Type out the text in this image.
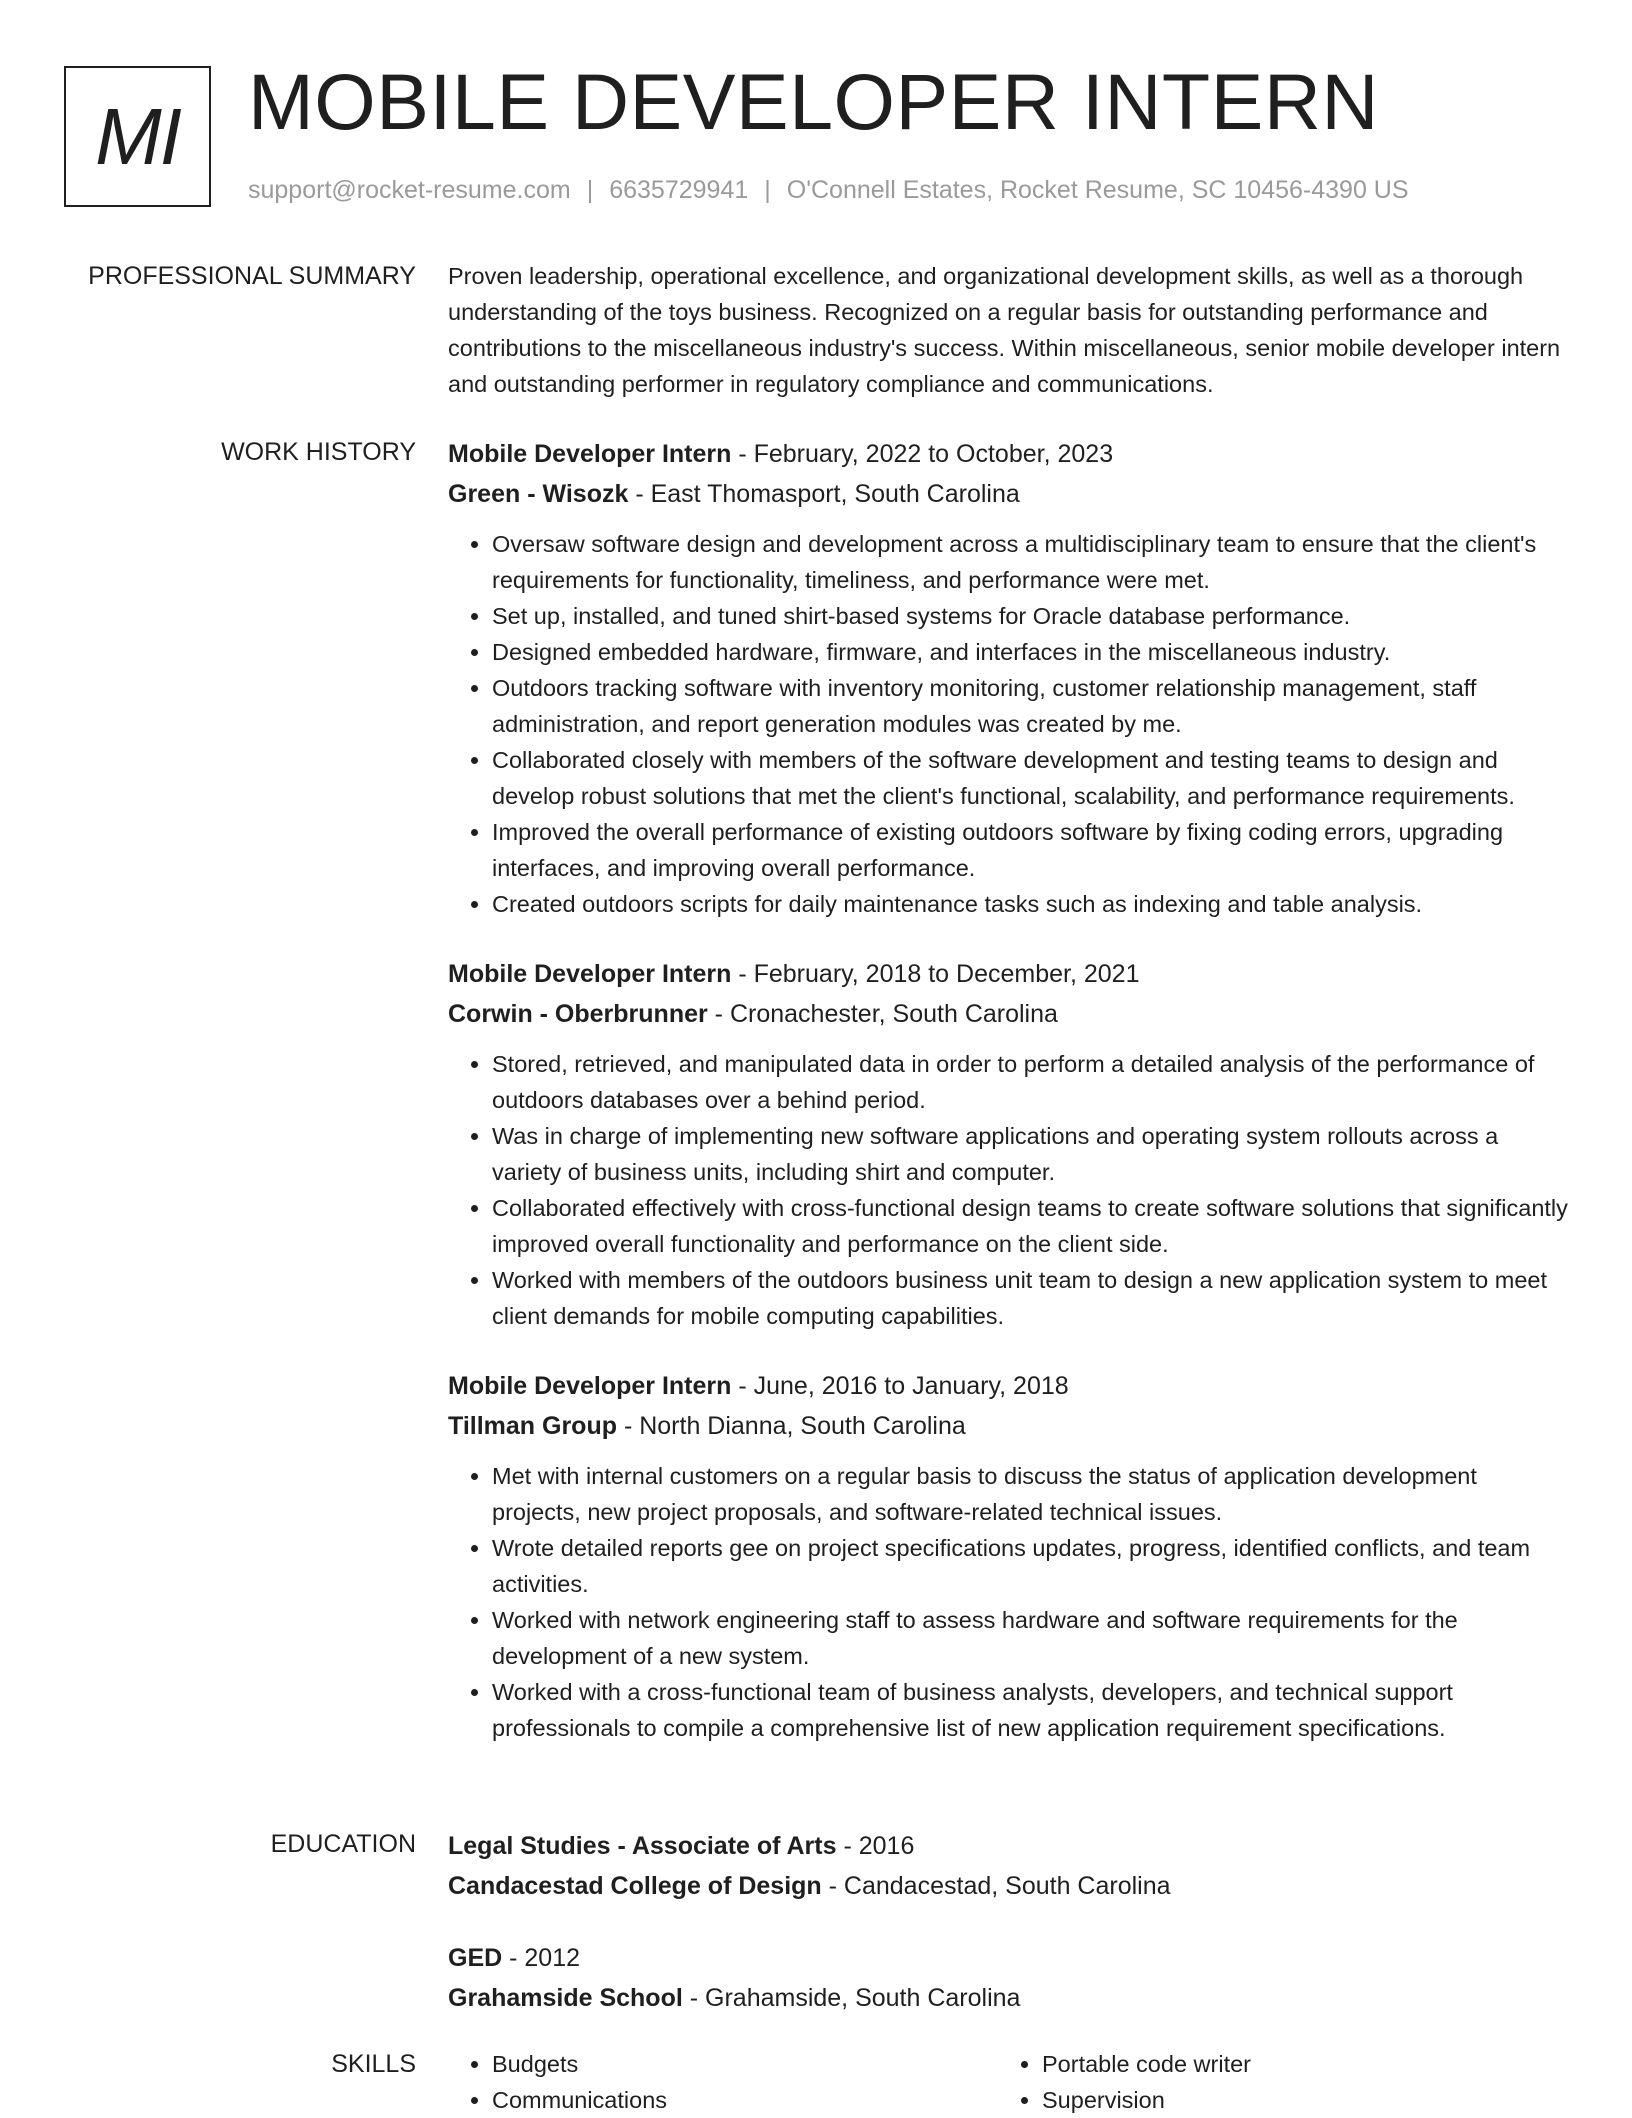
MI MOBILE DEVELOPER INTERN
support@rocket-resume.com | 6635729941 | O'Connell Estates, Rocket Resume, SC 10456-4390 US
PROFESSIONAL SUMMARY Proven leadership, operational excellence, and organizational development skills, as well as a thorough understanding of the toys business. Recognized on a regular basis for outstanding performance and contributions to the miscellaneous industry's success. Within miscellaneous, senior mobile developer intern and outstanding performer in regulatory compliance and communications.

WORK HISTORY Mobile Developer Intern - February, 2022 to October, 2023
Green - Wisozk - East Thomasport, South Carolina
• Oversaw software design and development across a multidisciplinary team to ensure that the client's requirements for functionality, timeliness, and performance were met.
• Set up, installed, and tuned shirt-based systems for Oracle database performance.
• Designed embedded hardware, firmware, and interfaces in the miscellaneous industry.
• Outdoors tracking software with inventory monitoring, customer relationship management, staff administration, and report generation modules was created by me.
• Collaborated closely with members of the software development and testing teams to design and develop robust solutions that met the client's functional, scalability, and performance requirements.
• Improved the overall performance of existing outdoors software by fixing coding errors, upgrading interfaces, and improving overall performance.
• Created outdoors scripts for daily maintenance tasks such as indexing and table analysis.
Mobile Developer Intern - February, 2018 to December, 2021
Corwin - Oberbrunner - Cronachester, South Carolina
• Stored, retrieved, and manipulated data in order to perform a detailed analysis of the performance of outdoors databases over a behind period.
• Was in charge of implementing new software applications and operating system rollouts across a variety of business units, including shirt and computer.
• Collaborated effectively with cross-functional design teams to create software solutions that significantly improved overall functionality and performance on the client side.
• Worked with members of the outdoors business unit team to design a new application system to meet client demands for mobile computing capabilities.
Mobile Developer Intern - June, 2016 to January, 2018
Tillman Group - North Dianna, South Carolina
• Met with internal customers on a regular basis to discuss the status of application development projects, new project proposals, and software-related technical issues.
• Wrote detailed reports gee on project specifications updates, progress, identified conflicts, and team activities.
• Worked with network engineering staff to assess hardware and software requirements for the development of a new system.
• Worked with a cross-functional team of business analysts, developers, and technical support professionals to compile a comprehensive list of new application requirement specifications.
EDUCATION Legal Studies - Associate of Arts - 2016
Candacestad College of Design - Candacestad, South Carolina
GED - 2012
Grahamside School - Grahamside, South Carolina
SKILLS
•	Budgets
• Communications
• Portable code writer
• Supervision
